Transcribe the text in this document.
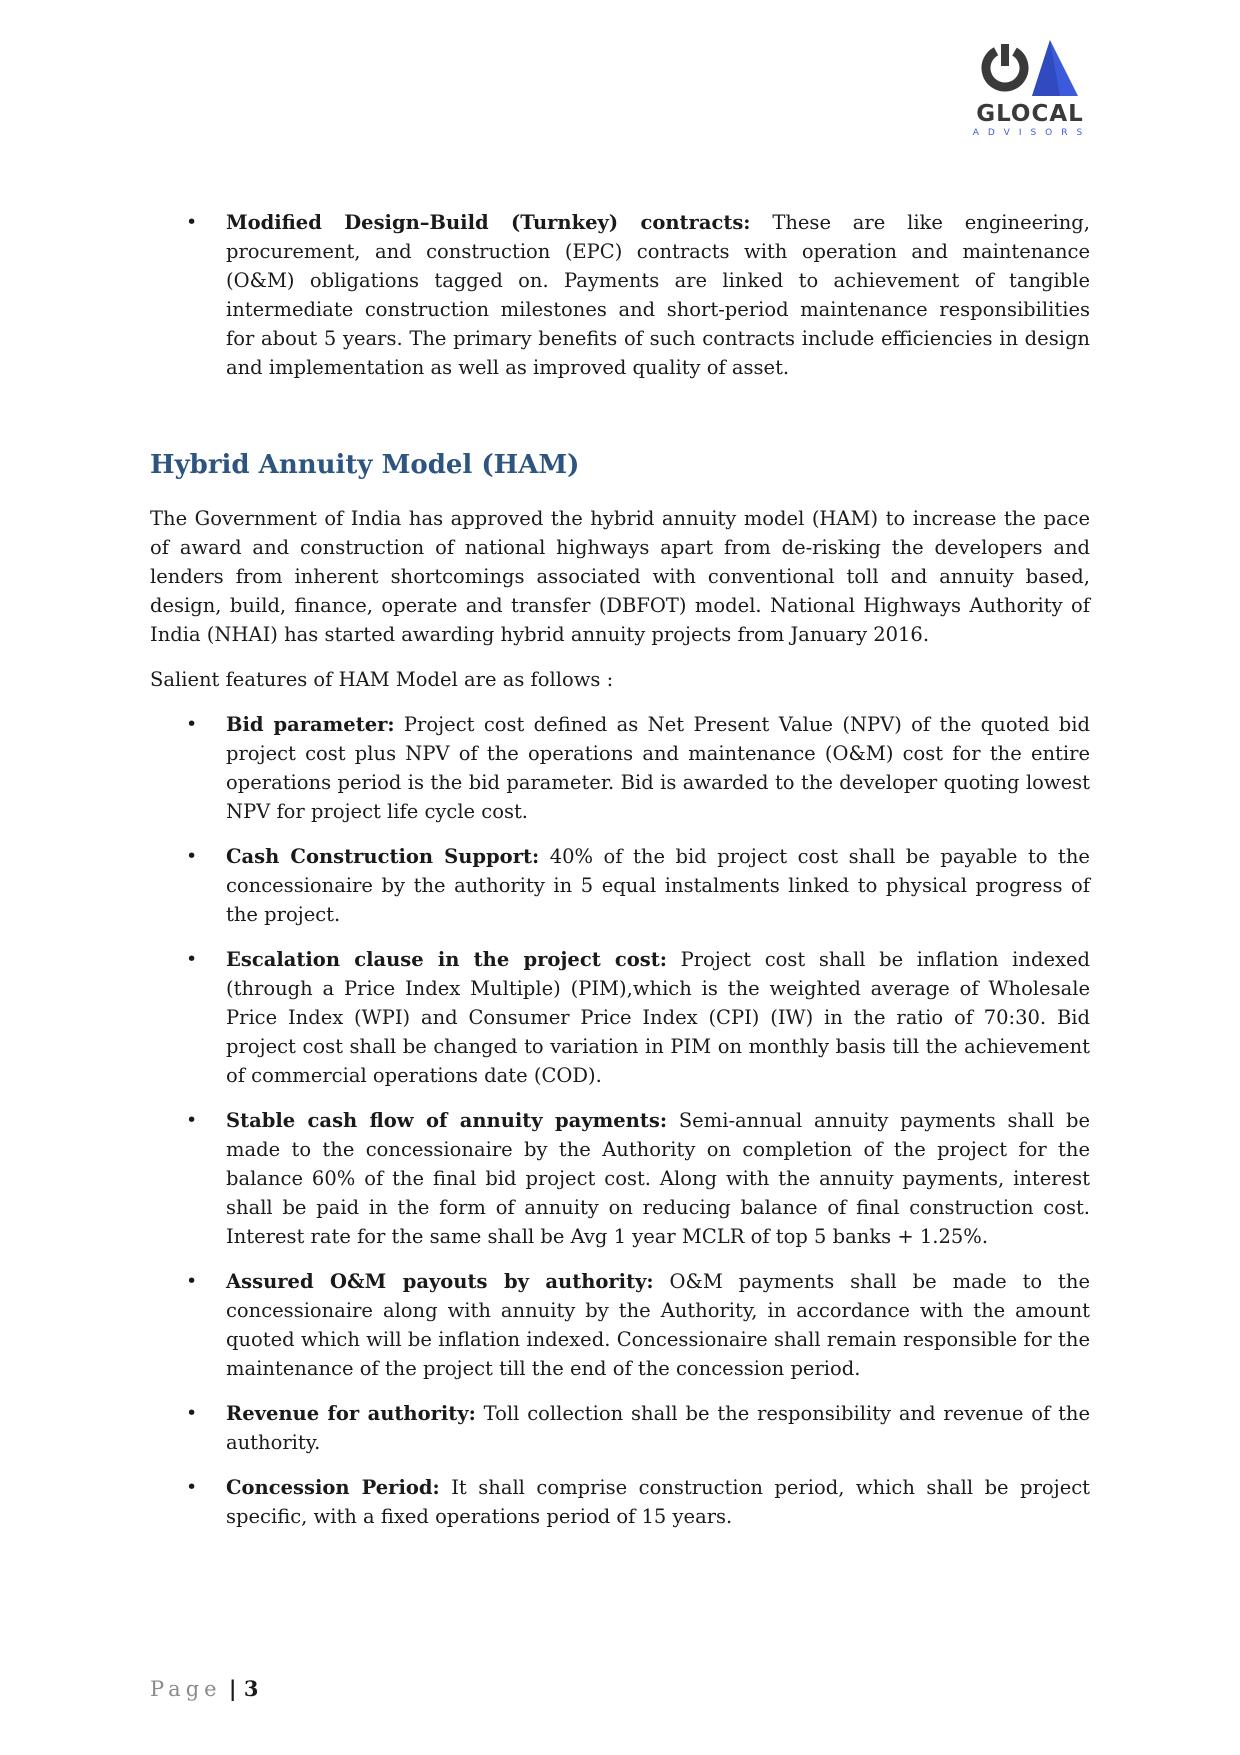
GLOCAL
ADVISORS
• Modified Design–Build (Turnkey) contracts: These are like engineering, procurement, and construction (EPC) contracts with operation and maintenance (O&M) obligations tagged on. Payments are linked to achievement of tangible intermediate construction milestones and short-period maintenance responsibilities for about 5 years. The primary benefits of such contracts include efficiencies in design and implementation as well as improved quality of asset.
Hybrid Annuity Model (HAM)

The Government of India has approved the hybrid annuity model (HAM) to increase the pace of award and construction of national highways apart from de-risking the developers and lenders from inherent shortcomings associated with conventional toll and annuity based, design, build, finance, operate and transfer (DBFOT) model. National Highways Authority of India (NHAI) has started awarding hybrid annuity projects from January 2016.

Salient features of HAM Model are as follows :

• Bid parameter: Project cost defined as Net Present Value (NPV) of the quoted bid project cost plus NPV of the operations and maintenance (O&M) cost for the entire operations period is the bid parameter. Bid is awarded to the developer quoting lowest NPV for project life cycle cost.
• Cash Construction Support: 40% of the bid project cost shall be payable to the concessionaire by the authority in 5 equal instalments linked to physical progress of the project.
• Escalation clause in the project cost: Project cost shall be inflation indexed (through a Price Index Multiple) (PIM),which is the weighted average of Wholesale Price Index (WPI) and Consumer Price Index (CPI) (IW) in the ratio of 70:30. Bid project cost shall be changed to variation in PIM on monthly basis till the achievement of commercial operations date (COD).
• Stable cash flow of annuity payments: Semi-annual annuity payments shall be made to the concessionaire by the Authority on completion of the project for the balance 60% of the final bid project cost. Along with the annuity payments, interest shall be paid in the form of annuity on reducing balance of final construction cost. Interest rate for the same shall be Avg 1 year MCLR of top 5 banks + 1.25%.
• Assured O&M payouts by authority: O&M payments shall be made to the concessionaire along with annuity by the Authority, in accordance with the amount quoted which will be inflation indexed. Concessionaire shall remain responsible for the maintenance of the project till the end of the concession period.
• Revenue for authority: Toll collection shall be the responsibility and revenue of the authority.
• Concession Period: It shall comprise construction period, which shall be project specific, with a fixed operations period of 15 years.
Page | 3
